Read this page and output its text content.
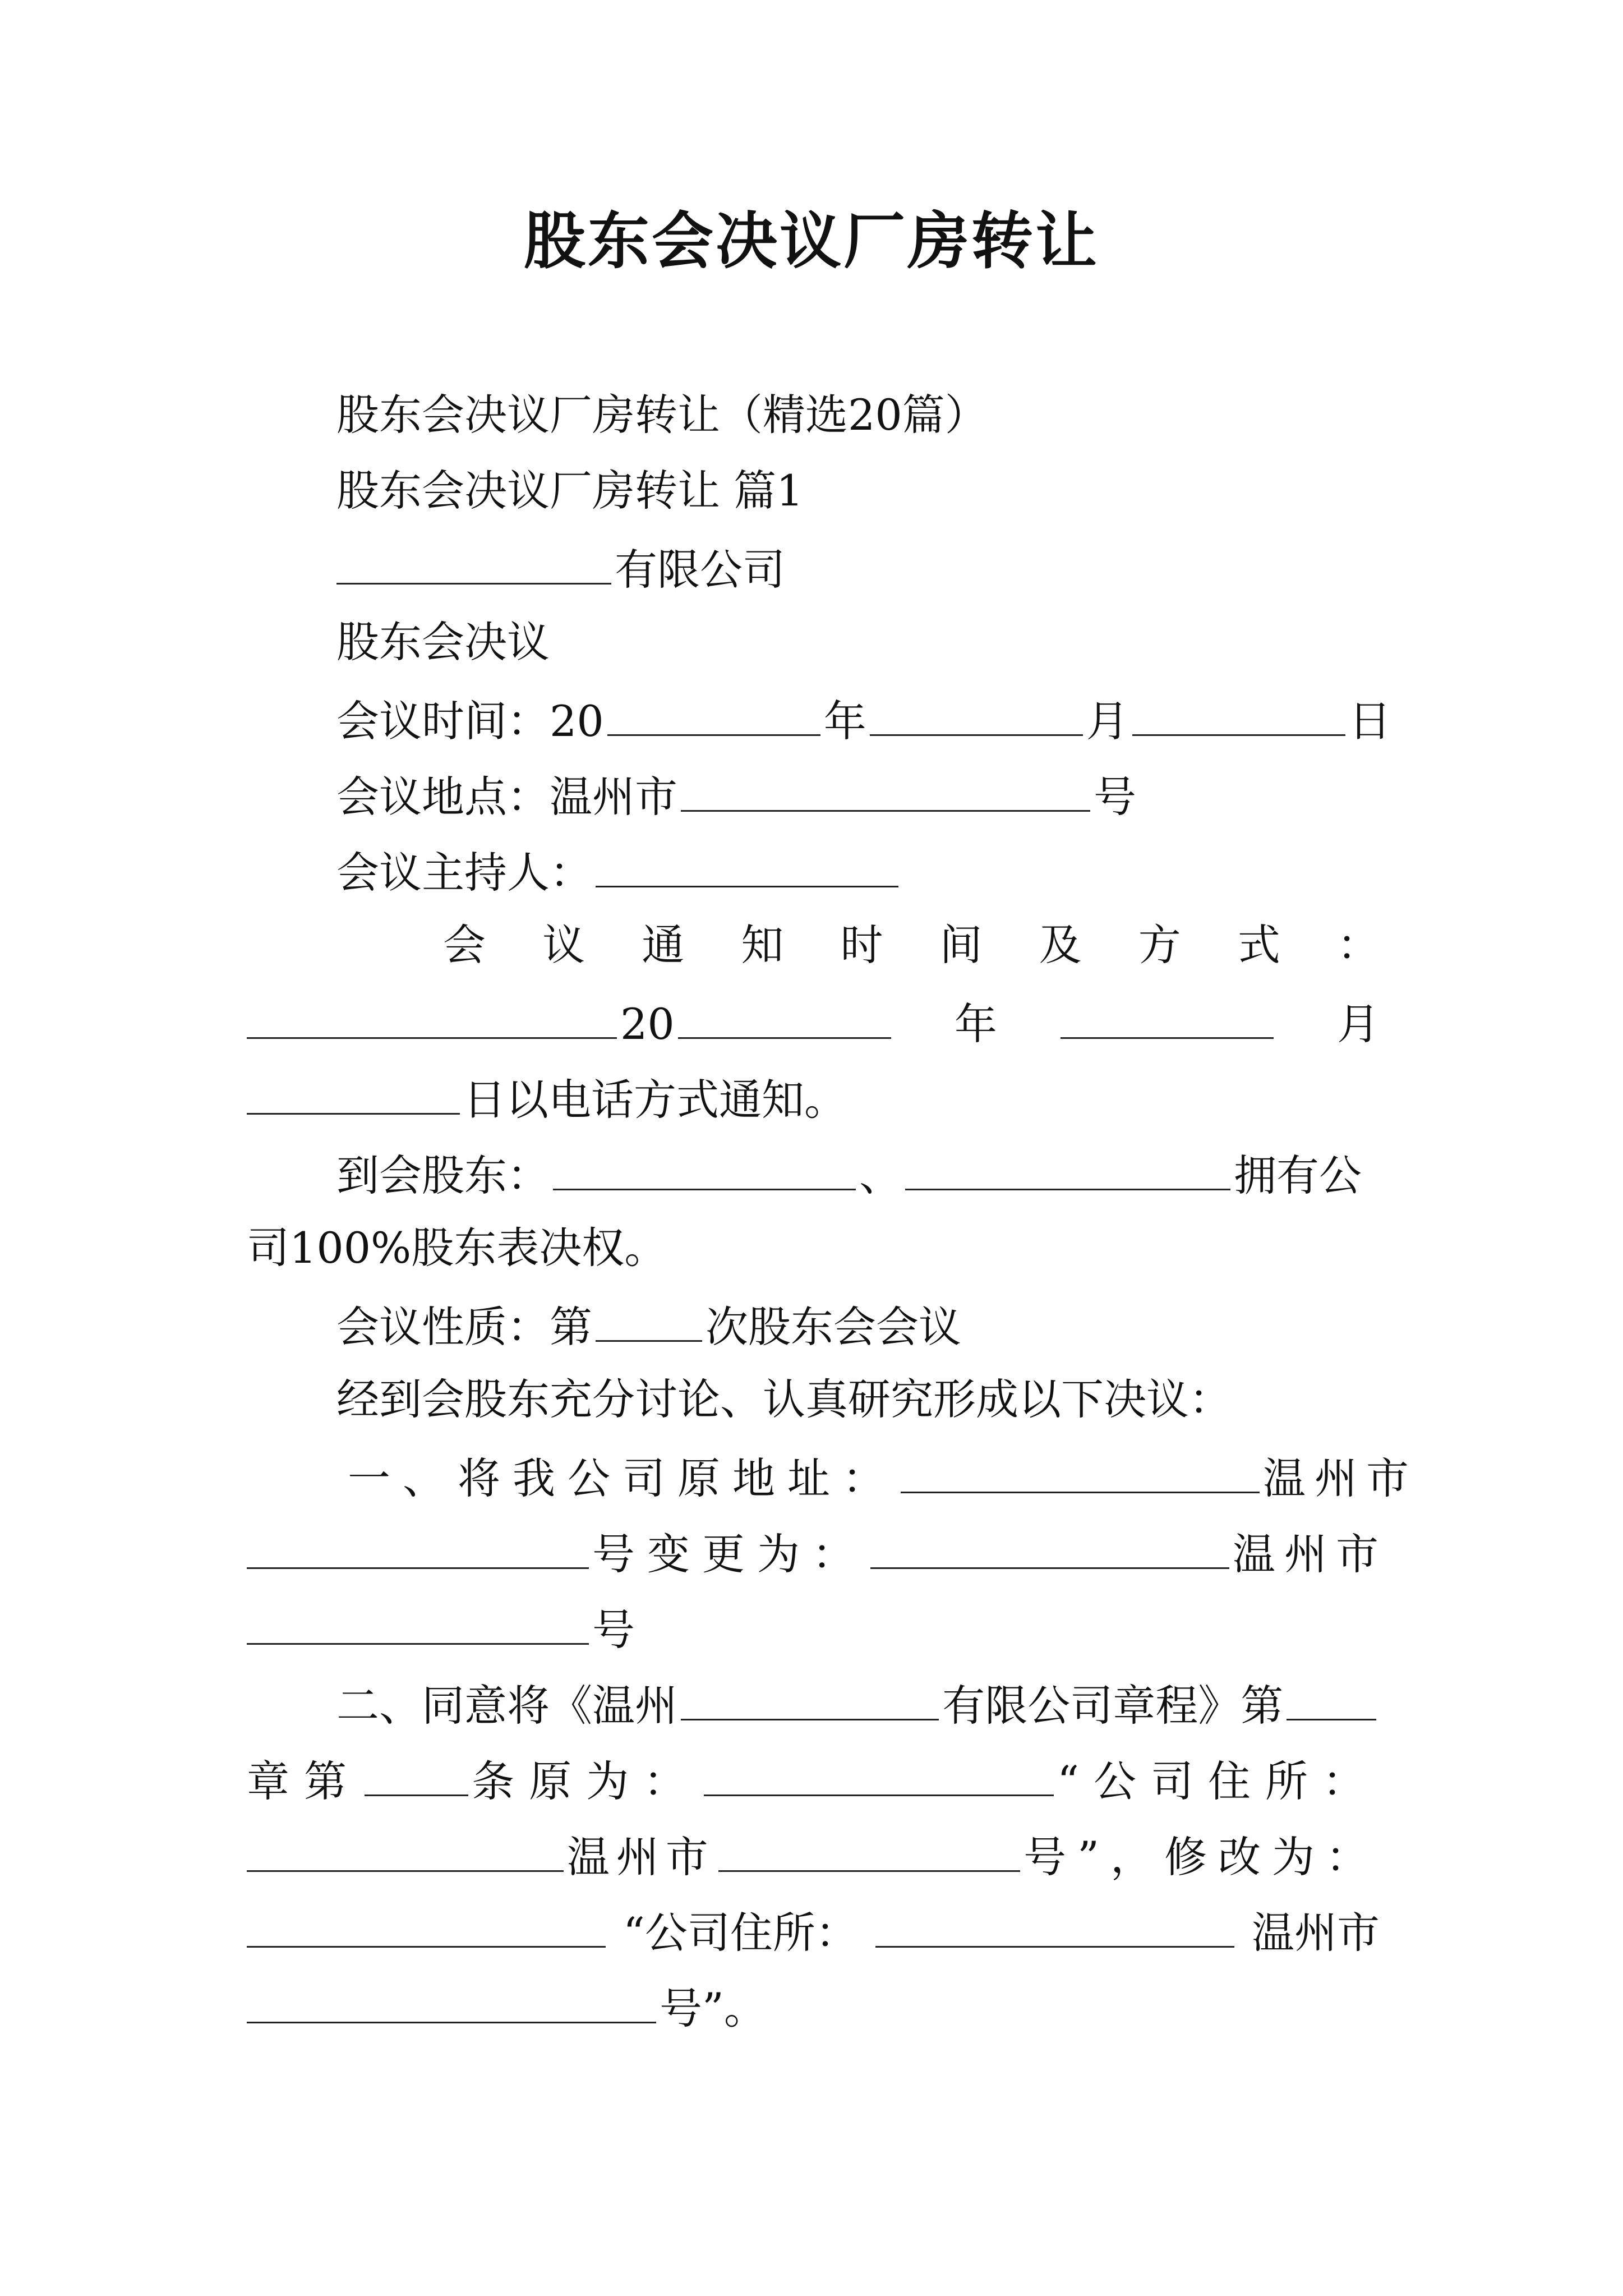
股东会决议厂房转让
股东会决议厂房转让（精选20篇）
股东会决议厂房转让 篇1
有限公司
股东会决议
会议时间：20	年	月	日
会议地点：温州市	号
会议主持人：
会 议 通 知 时 间 及 方 式 ：
20	年	月
日以电话方式通知。
到会股东：	、	拥有公
司100%股东表决权。
会议性质：第	次股东会会议
经到会股东充分讨论、认真研究形成以下决议：
一、将我公司原地址：	温州市
号变更为：	温州市
号
二、同意将《温州	有限公司章程》第
章第	条原为：	“公司住所：
温州市	号”，修改为：
“公司住所：	温州市
号”。
